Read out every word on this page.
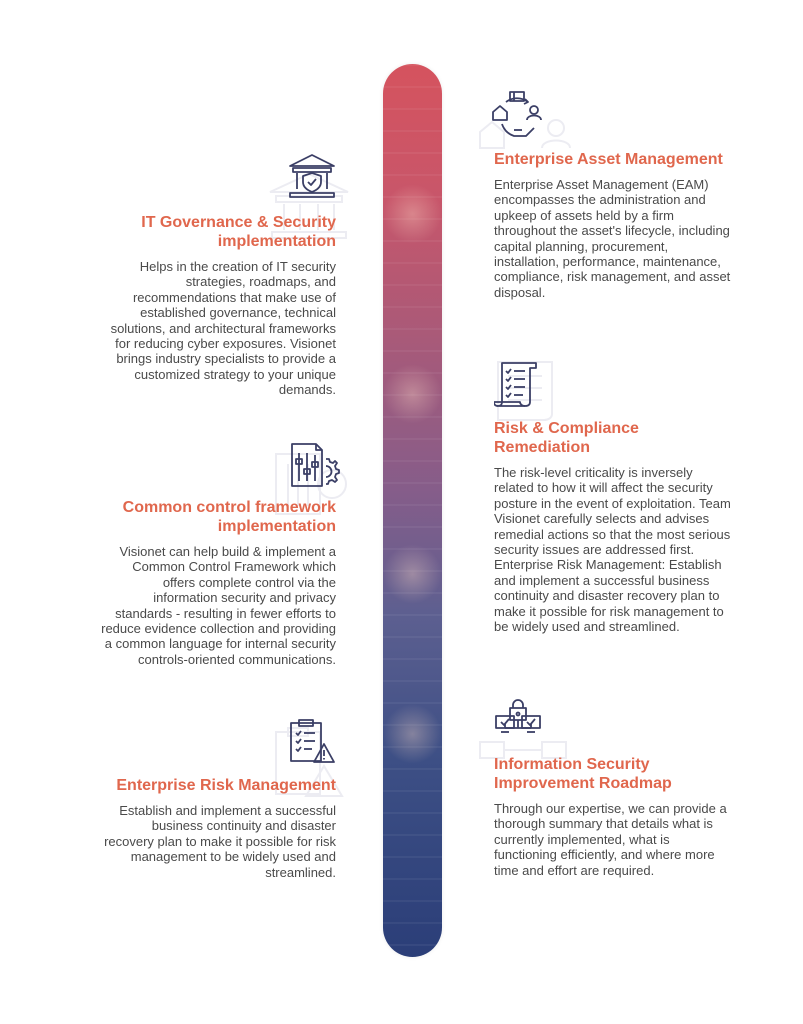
IT Governance & Security implementation

Helps in the creation of IT security strategies, roadmaps, and recommendations that make use of established governance, technical solutions, and architectural frameworks for reducing cyber exposures. Visionet brings industry specialists to provide a customized strategy to your unique demands.

Common control framework implementation

Visionet can help build & implement a Common Control Framework which offers complete control via the information security and privacy standards - resulting in fewer efforts to reduce evidence collection and providing a common language for internal security controls-oriented communications.

Enterprise Risk Management

Establish and implement a successful business continuity and disaster recovery plan to make it possible for risk management to be widely used and streamlined.

Enterprise Asset Management

Enterprise Asset Management (EAM) encompasses the administration and upkeep of assets held by a firm throughout the asset's lifecycle, including capital planning, procurement, installation, performance, maintenance, compliance, risk management, and asset disposal.

Risk & Compliance Remediation

The risk-level criticality is inversely related to how it will affect the security posture in the event of exploitation. Team Visionet carefully selects and advises remedial actions so that the most serious security issues are addressed first. Enterprise Risk Management: Establish and implement a successful business continuity and disaster recovery plan to make it possible for risk management to be widely used and streamlined.

Information Security Improvement Roadmap

Through our expertise, we can provide a thorough summary that details what is currently implemented, what is functioning efficiently, and where more time and effort are required.
